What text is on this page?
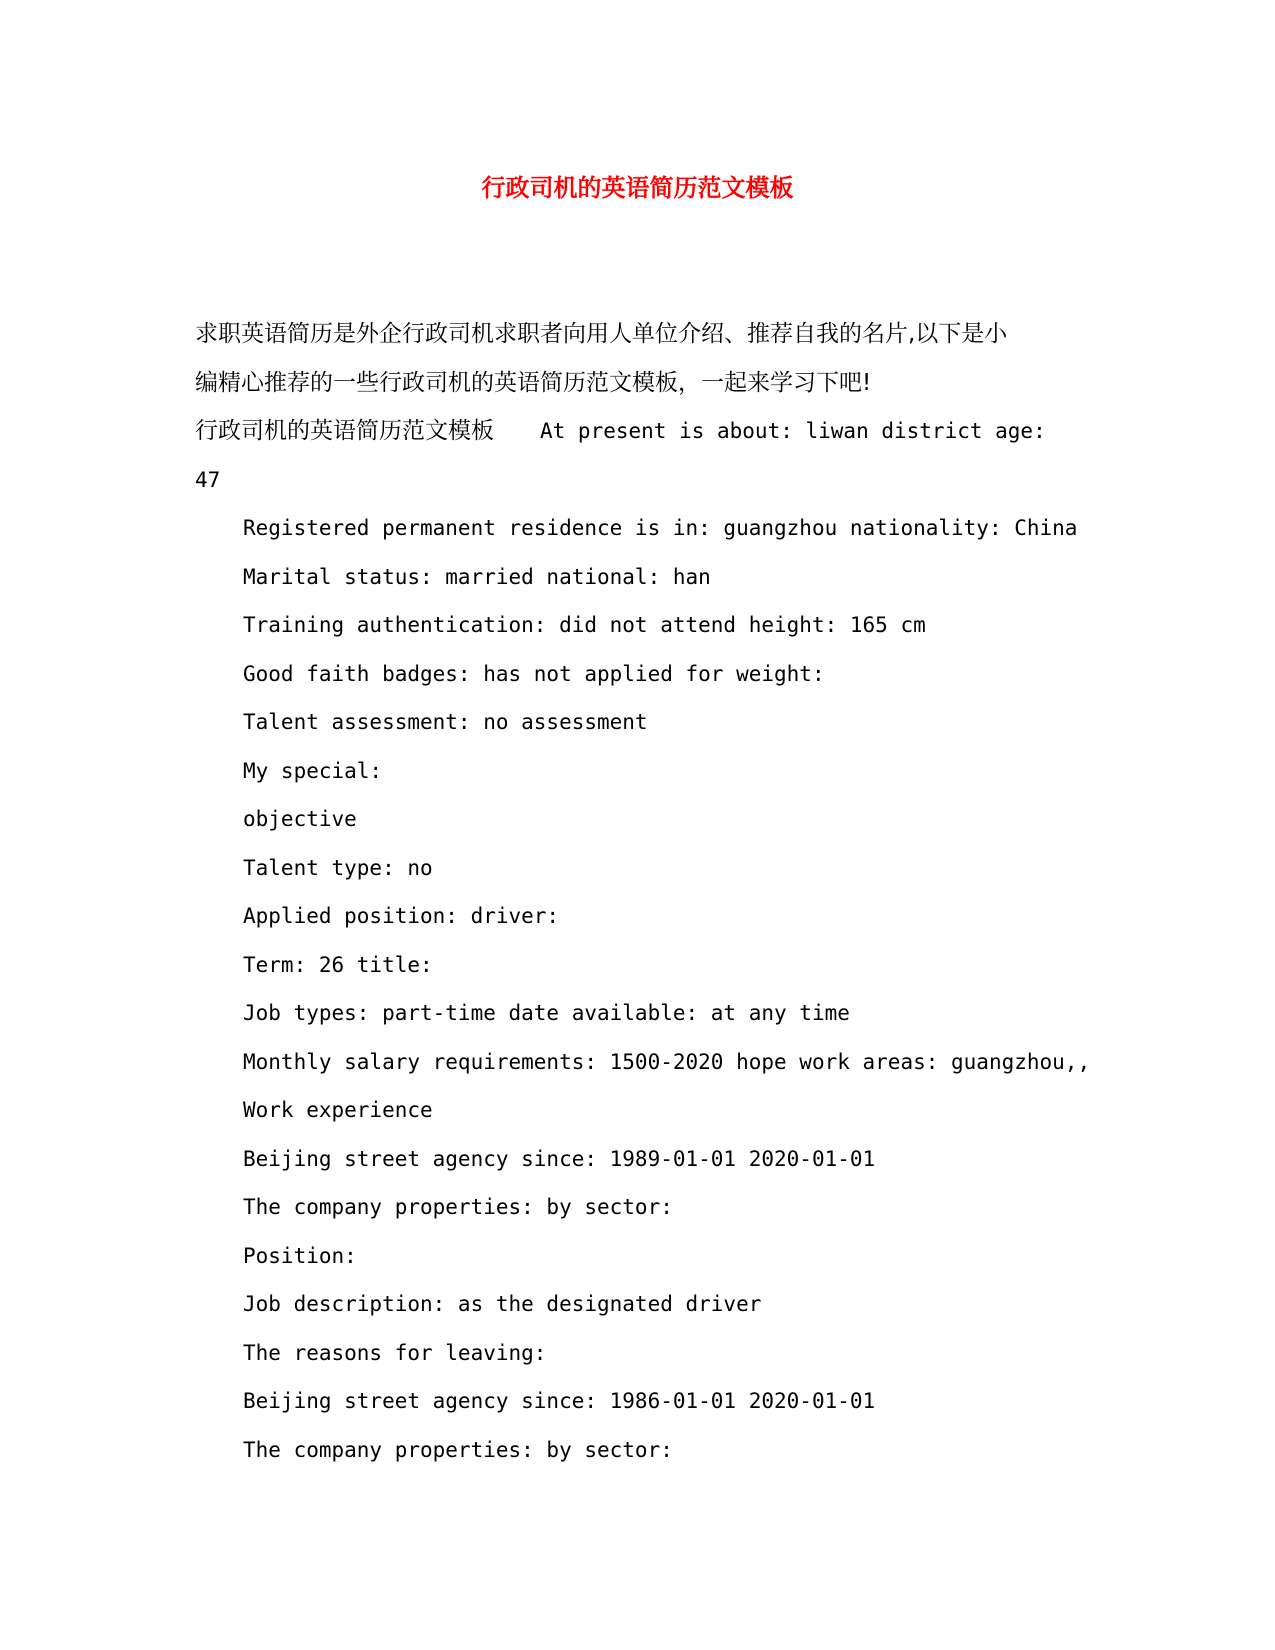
行政司机的英语简历范文模板

求职英语简历是外企行政司机求职者向用人单位介绍、推荐自我的名片,以下是小

编精心推荐的一些行政司机的英语简历范文模板，一起来学习下吧!

行政司机的英语简历范文模板 At present is about: liwan district age:

47

Registered permanent residence is in: guangzhou nationality: China

Marital status: married national: han

Training authentication: did not attend height: 165 cm

Good faith badges: has not applied for weight:

Talent assessment: no assessment

My special:

objective

Talent type: no

Applied position: driver:

Term: 26 title:

Job types: part-time date available: at any time

Monthly salary requirements: 1500-2020 hope work areas: guangzhou,,

Work experience

Beijing street agency since: 1989-01-01 2020-01-01

The company properties: by sector:

Position:

Job description: as the designated driver

The reasons for leaving:

Beijing street agency since: 1986-01-01 2020-01-01

The company properties: by sector:
